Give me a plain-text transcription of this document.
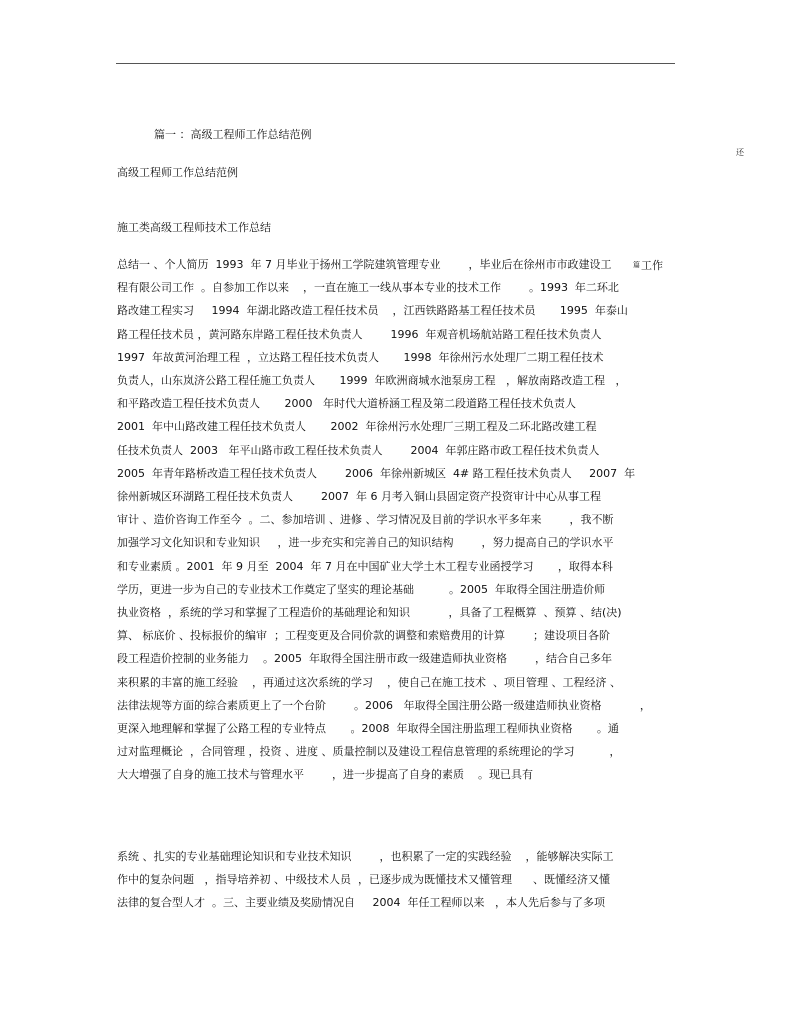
篇一 ：高级工程师工作总结范例

还
高级工程师工作总结范例
施工类高级工程师技术工作总结
篇工作
总结一 、个人简历  1993  年 7 月毕业于扬州工学院建筑管理专业        ，毕业后在徐州市市政建设工
程有限公司工作  。自参加工作以来    ，一直在施工一线从事本专业的技术工作        。1993  年二环北
路改建工程实习     1994  年湖北路改造工程任技术员    ，江西铁路路基工程任技术员       1995  年泰山
路工程任技术员 ，黄河路东岸路工程任技术负责人        1996  年观音机场航站路工程任技术负责人
1997  年故黄河治理工程  ，立达路工程任技术负责人       1998  年徐州污水处理厂二期工程任技术
负责人，山东岚济公路工程任施工负责人       1999  年欧洲商城水池泵房工程   ，解放南路改造工程   ，
和平路改造工程任技术负责人       2000   年时代大道桥涵工程及第二段道路工程任技术负责人
2001  年中山路改建工程任技术负责人       2002  年徐州污水处理厂三期工程及二环北路改建工程
任技术负责人  2003   年平山路市政工程任技术负责人        2004  年郭庄路市政工程任技术负责人
2005  年青年路桥改造工程任技术负责人        2006  年徐州新城区  4# 路工程任技术负责人     2007  年
徐州新城区环湖路工程任技术负责人        2007  年 6 月考入铜山县固定资产投资审计中心从事工程
审计 、造价咨询工作至今  。二、参加培训 、进修 、学习情况及目前的学识水平多年来        ，我不断
加强学习文化知识和专业知识     ，进一步充实和完善自己的知识结构        ，努力提高自己的学识水平
和专业素质 。2001  年 9 月至  2004  年 7 月在中国矿业大学土木工程专业函授学习       ，取得本科
学历，更进一步为自己的专业技术工作奠定了坚实的理论基础          。2005  年取得全国注册造价师
执业资格  ，系统的学习和掌握了工程造价的基础理论和知识           ，具备了工程概算  、预算 、结(决)
算、 标底价 、投标报价的编审  ；工程变更及合同价款的调整和索赔费用的计算        ；建设项目各阶
段工程造价控制的业务能力    。2005  年取得全国注册市政一级建造师执业资格        ，结合自己多年
来积累的丰富的施工经验    ，再通过这次系统的学习    ，使自己在施工技术  、项目管理 、工程经济 、
法律法规等方面的综合素质更上了一个台阶        。2006   年取得全国注册公路一级建造师执业资格           ，
更深入地理解和掌握了公路工程的专业特点       。2008  年取得全国注册监理工程师执业资格       。通
过对监理概论  ，合同管理 ，投资 、进度 、质量控制以及建设工程信息管理的系统理论的学习          ，
大大增强了自身的施工技术与管理水平        ，进一步提高了自身的素质    。现已具有
系统 、扎实的专业基础理论知识和专业技术知识        ，也积累了一定的实践经验    ，能够解决实际工
作中的复杂问题   ，指导培养初 、中级技术人员  ，已逐步成为既懂技术又懂管理      、既懂经济又懂
法律的复合型人才  。三、主要业绩及奖励情况自     2004  年任工程师以来   ，本人先后参与了多项
